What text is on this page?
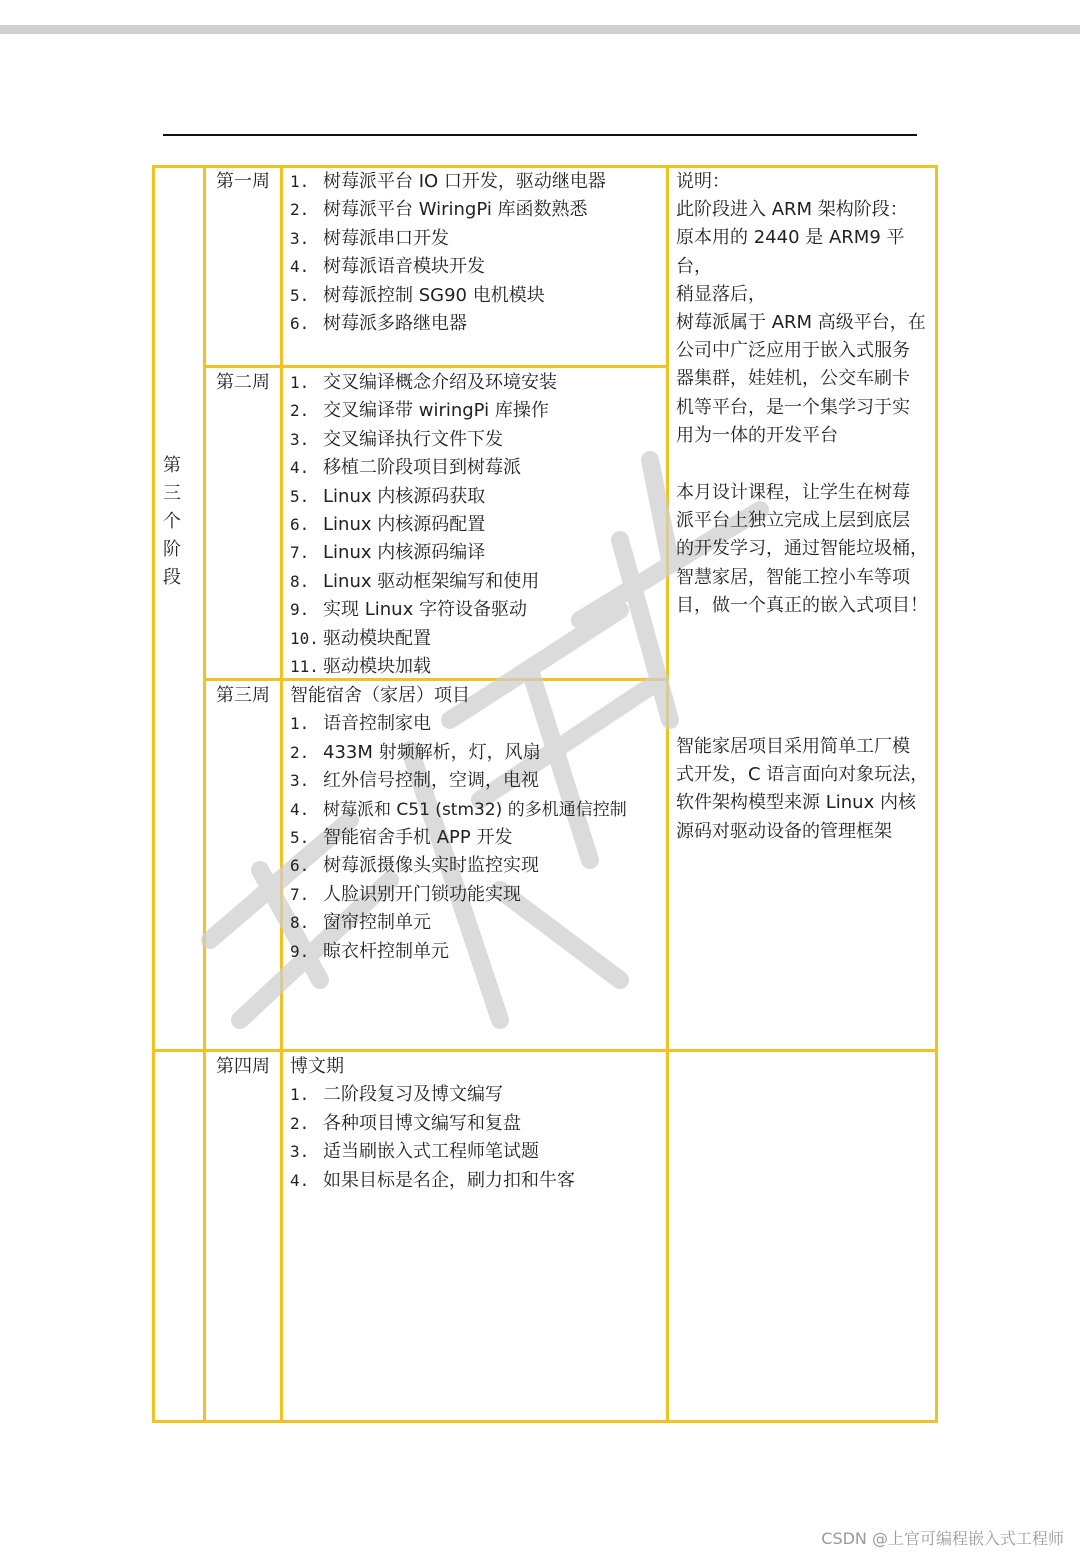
第
三
个
阶
段
第一周
第二周
第三周
第四周
1. 树莓派平台 IO 口开发，驱动继电器
2. 树莓派平台 WiringPi 库函数熟悉
3. 树莓派串口开发
4. 树莓派语音模块开发
5. 树莓派控制 SG90 电机模块
6. 树莓派多路继电器
1. 交叉编译概念介绍及环境安装
2. 交叉编译带 wiringPi 库操作
3. 交叉编译执行文件下发
4. 移植二阶段项目到树莓派
5. Linux 内核源码获取
6. Linux 内核源码配置
7. Linux 内核源码编译
8. Linux 驱动框架编写和使用
9. 实现 Linux 字符设备驱动
10. 驱动模块配置
11. 驱动模块加载
智能宿舍（家居）项目
1. 语音控制家电
2. 433M 射频解析，灯，风扇
3. 红外信号控制，空调，电视
4. 树莓派和 C51 (stm32) 的多机通信控制
5. 智能宿舍手机 APP 开发
6. 树莓派摄像头实时监控实现
7. 人脸识别开门锁功能实现
8. 窗帘控制单元
9. 晾衣杆控制单元
博文期
1. 二阶段复习及博文编写
2. 各种项目博文编写和复盘
3. 适当刷嵌入式工程师笔试题
4. 如果目标是名企，刷力扣和牛客

说明：

此阶段进入 ARM 架构阶段：

原本用的 2440 是 ARM9 平台，

稍显落后，

树莓派属于 ARM 高级平台，在

公司中广泛应用于嵌入式服务

器集群，娃娃机，公交车刷卡

机等平台，是一个集学习于实

用为一体的开发平台

本月设计课程，让学生在树莓

派平台上独立完成上层到底层

的开发学习，通过智能垃圾桶，

智慧家居，智能工控小车等项

目，做一个真正的嵌入式项目！

智能家居项目采用简单工厂模

式开发，C 语言面向对象玩法，

软件架构模型来源 Linux 内核

源码对驱动设备的管理框架

CSDN @上官可编程嵌入式工程师
